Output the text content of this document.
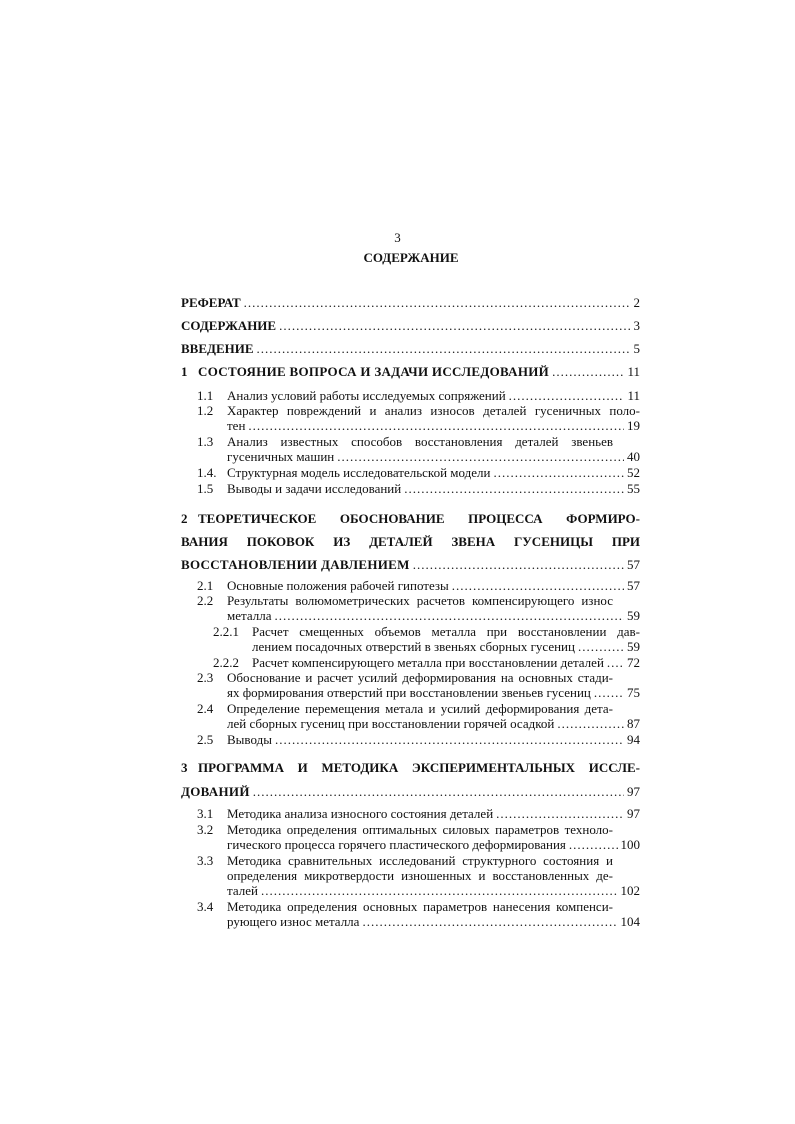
3
СОДЕРЖАНИЕ
РЕФЕРАТ .....	2
СОДЕРЖАНИЕ .....	3
ВВЕДЕНИЕ .....	5
1 СОСТОЯНИЕ ВОПРОСА И ЗАДАЧИ ИССЛЕДОВАНИЙ .....	11
1.1 Анализ условий работы исследуемых сопряжений .....	11
1.2 Характер повреждений и анализ износов деталей гусеничных поло-
тен .....	19
1.3 Анализ известных способов восстановления деталей звеньев
гусеничных машин .....	40
1.4. Структурная модель исследовательской модели .....	52
1.5 Выводы и задачи исследований .....	55
2 ТЕОРЕТИЧЕСКОЕ ОБОСНОВАНИЕ ПРОЦЕССА ФОРМИРО-
ВАНИЯ ПОКОВОК ИЗ ДЕТАЛЕЙ ЗВЕНА ГУСЕНИЦЫ ПРИ
ВОССТАНОВЛЕНИИ ДАВЛЕНИЕМ .....	57
2.1 Основные положения рабочей гипотезы .....	57
2.2 Результаты волюмометрических расчетов компенсирующего износ
металла .....	59
2.2.1 Расчет смещенных объемов металла при восстановлении дав-
лением посадочных отверстий в звеньях сборных гусениц .....	59
2.2.2 Расчет компенсирующего металла при восстановлении деталей ..... 72
2.3 Обоснование и расчет усилий деформирования на основных стади-
ях формирования отверстий при восстановлении звеньев гусениц .....	75
2.4 Определение перемещения метала и усилий деформирования дета-
лей сборных гусениц при восстановлении горячей осадкой .....	87
2.5 Выводы .....	94
3 ПРОГРАММА И МЕТОДИКА ЭКСПЕРИМЕНТАЛЬНЫХ ИССЛЕ-
ДОВАНИЙ .....	97
3.1 Методика анализа износного состояния деталей .....	97
3.2 Методика определения оптимальных силовых параметров техноло-
гического процесса горячего пластического деформирования .....	100
3.3 Методика сравнительных исследований структурного состояния и
определения микротвердости изношенных и восстановленных де-
талей .....	102
3.4 Методика определения основных параметров нанесения компенси-
рующего износ металла .....	104
